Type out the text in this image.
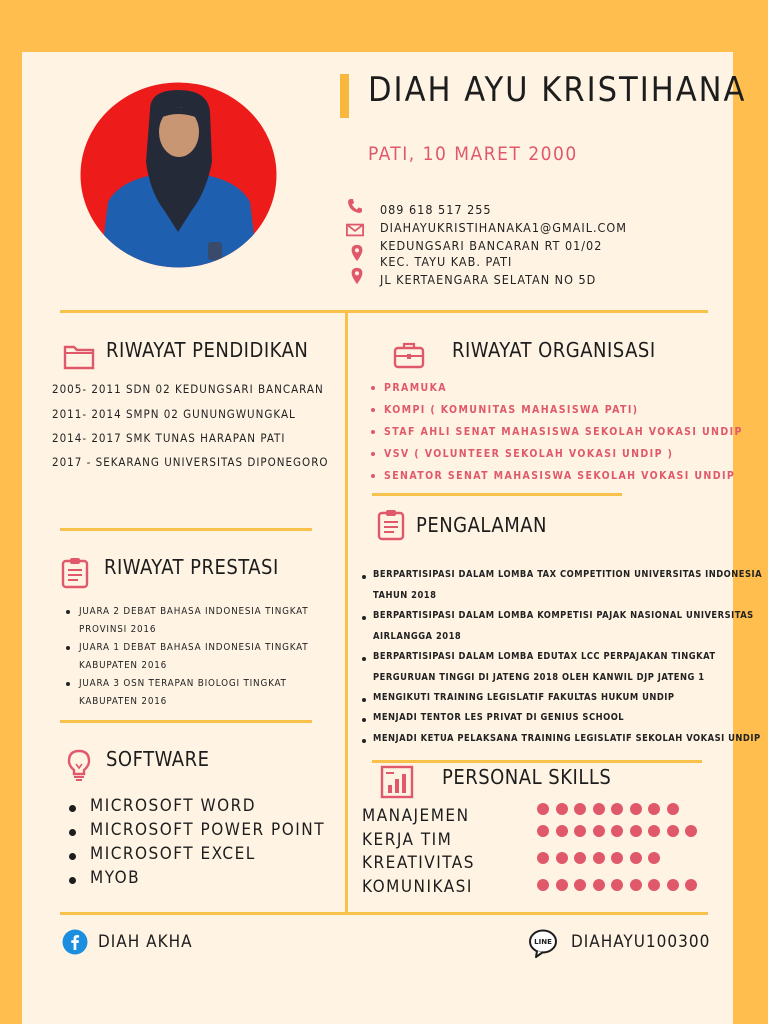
DIAH AYU KRISTIHANA
PATI, 10 MARET 2000
089 618 517 255
DIAHAYUKRISTIHANAKA1@GMAIL.COM
KEDUNGSARI BANCARAN RT 01/02
KEC. TAYU KAB. PATI
JL KERTAENGARA SELATAN NO 5D
RIWAYAT PENDIDIKAN
2005- 2011 SDN 02 KEDUNGSARI BANCARAN
2011- 2014 SMPN 02 GUNUNGWUNGKAL
2014- 2017 SMK TUNAS HARAPAN PATI
2017 - SEKARANG UNIVERSITAS DIPONEGORO
RIWAYAT ORGANISASI
PRAMUKA
KOMPI ( KOMUNITAS MAHASISWA PATI)
STAF AHLI SENAT MAHASISWA SEKOLAH VOKASI UNDIP
VSV ( VOLUNTEER SEKOLAH VOKASI UNDIP )
SENATOR SENAT MAHASISWA SEKOLAH VOKASI UNDIP
PENGALAMAN
BERPARTISIPASI DALAM LOMBA TAX COMPETITION UNIVERSITAS INDONESIA
TAHUN 2018
BERPARTISIPASI DALAM LOMBA KOMPETISI PAJAK NASIONAL UNIVERSITAS
AIRLANGGA 2018
BERPARTISIPASI DALAM LOMBA EDUTAX LCC PERPAJAKAN TINGKAT
PERGURUAN TINGGI DI JATENG 2018 OLEH KANWIL DJP JATENG 1
MENGIKUTI TRAINING LEGISLATIF FAKULTAS HUKUM UNDIP
MENJADI TENTOR LES PRIVAT DI GENIUS SCHOOL
MENJADI KETUA PELAKSANA TRAINING LEGISLATIF SEKOLAH VOKASI UNDIP
RIWAYAT PRESTASI
JUARA 2 DEBAT BAHASA INDONESIA TINGKAT
PROVINSI 2016
JUARA 1 DEBAT BAHASA INDONESIA TINGKAT
KABUPATEN 2016
JUARA 3 OSN TERAPAN BIOLOGI TINGKAT
KABUPATEN 2016
SOFTWARE
MICROSOFT WORD
MICROSOFT POWER POINT
MICROSOFT EXCEL
MYOB
PERSONAL SKILLS
MANAJEMEN
KERJA TIM
KREATIVITAS
KOMUNIKASI
DIAH AKHA	LINE DIAHAYU100300
